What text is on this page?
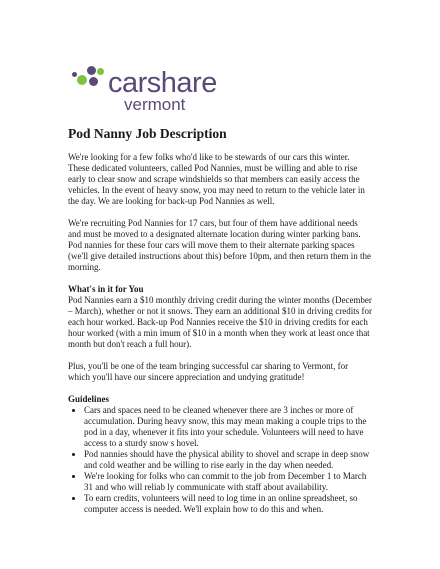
carshare
vermont
Pod Nanny Job Description

We're looking for a few folks who'd like to be stewards of our cars this winter. These dedicated volunteers, called Pod Nannies, must be willing and able to rise early to clear snow and scrape windshields so that members can easily access the vehicles. In the event of heavy snow, you may need to return to the vehicle later in the day. We are looking for back-up Pod Nannies as well.

We're recruiting Pod Nannies for 17 cars, but four of them have additional needs and must be moved to a designated alternate location during winter parking bans. Pod nannies for these four cars will move them to their alternate parking spaces (we'll give detailed instructions about this) before 10pm, and then return them in the morning.

What's in it for You

Pod Nannies earn a $10 monthly driving credit during the winter months (December – March), whether or not it snows. They earn an additional $10 in driving credits for each hour worked. Back-up Pod Nannies receive the $10 in driving credits for each hour worked (with a min imum of $10 in a month when they work at least once that month but don't reach a full hour).

Plus, you'll be one of the team bringing successful car sharing to Vermont, for which you'll have our sincere appreciation and undying gratitude!

Guidelines
• Cars and spaces need to be cleaned whenever there are 3 inches or more of accumulation. During heavy snow, this may mean making a couple trips to the pod in a day, whenever it fits into your schedule. Volunteers will need to have access to a sturdy snow s hovel.
• Pod nannies should have the physical ability to shovel and scrape in deep snow and cold weather and be willing to rise early in the day when needed.
• We're looking for folks who can commit to the job from December 1 to March 31 and who will reliab ly communicate with staff about availability.
• To earn credits, volunteers will need to log time in an online spreadsheet, so computer access is needed. We'll explain how to do this and when.
